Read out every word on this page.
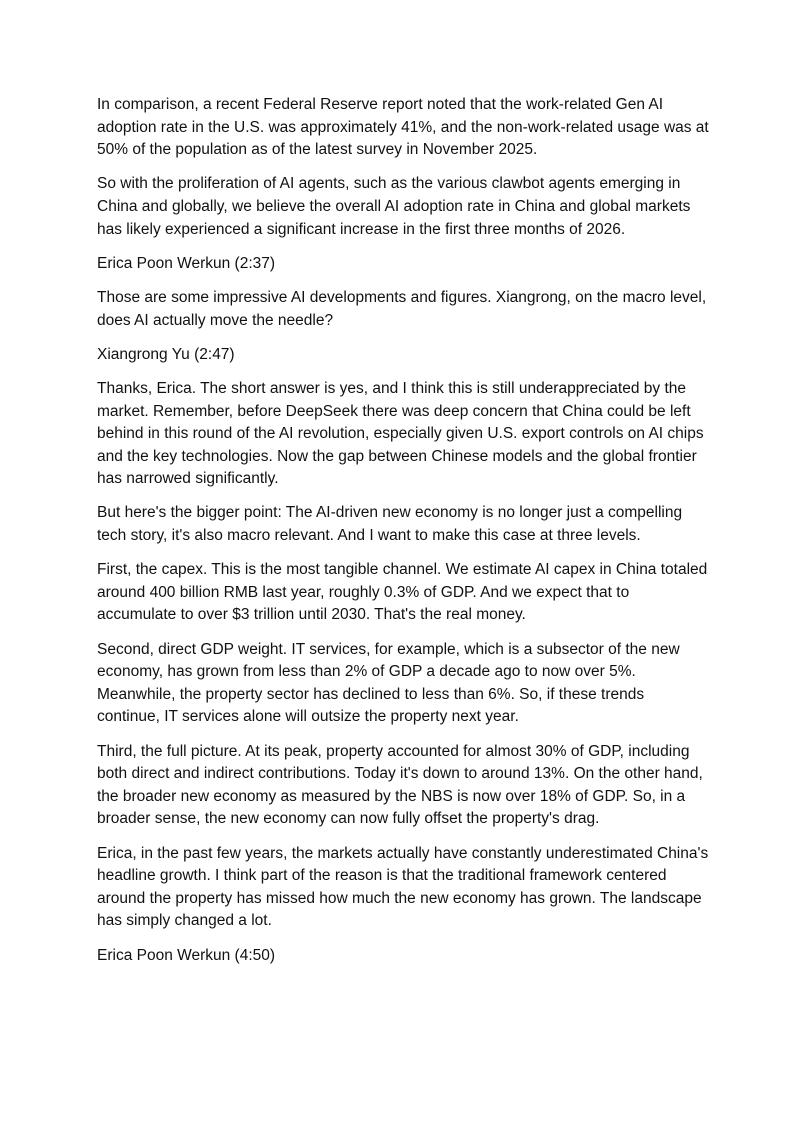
In comparison, a recent Federal Reserve report noted that the work-related Gen AI adoption rate in the U.S. was approximately 41%, and the non-work-related usage was at 50% of the population as of the latest survey in November 2025.

So with the proliferation of AI agents, such as the various clawbot agents emerging in China and globally, we believe the overall AI adoption rate in China and global markets has likely experienced a significant increase in the first three months of 2026.

Erica Poon Werkun (2:37)

Those are some impressive AI developments and figures. Xiangrong, on the macro level, does AI actually move the needle?

Xiangrong Yu (2:47)

Thanks, Erica. The short answer is yes, and I think this is still underappreciated by the market. Remember, before DeepSeek there was deep concern that China could be left behind in this round of the AI revolution, especially given U.S. export controls on AI chips and the key technologies. Now the gap between Chinese models and the global frontier has narrowed significantly.

But here's the bigger point: The AI-driven new economy is no longer just a compelling tech story, it's also macro relevant. And I want to make this case at three levels.

First, the capex. This is the most tangible channel. We estimate AI capex in China totaled around 400 billion RMB last year, roughly 0.3% of GDP. And we expect that to accumulate to over $3 trillion until 2030. That's the real money.

Second, direct GDP weight. IT services, for example, which is a subsector of the new economy, has grown from less than 2% of GDP a decade ago to now over 5%. Meanwhile, the property sector has declined to less than 6%. So, if these trends continue, IT services alone will outsize the property next year.

Third, the full picture. At its peak, property accounted for almost 30% of GDP, including both direct and indirect contributions. Today it's down to around 13%. On the other hand, the broader new economy as measured by the NBS is now over 18% of GDP. So, in a broader sense, the new economy can now fully offset the property's drag.

Erica, in the past few years, the markets actually have constantly underestimated China's headline growth. I think part of the reason is that the traditional framework centered around the property has missed how much the new economy has grown. The landscape has simply changed a lot.

Erica Poon Werkun (4:50)
